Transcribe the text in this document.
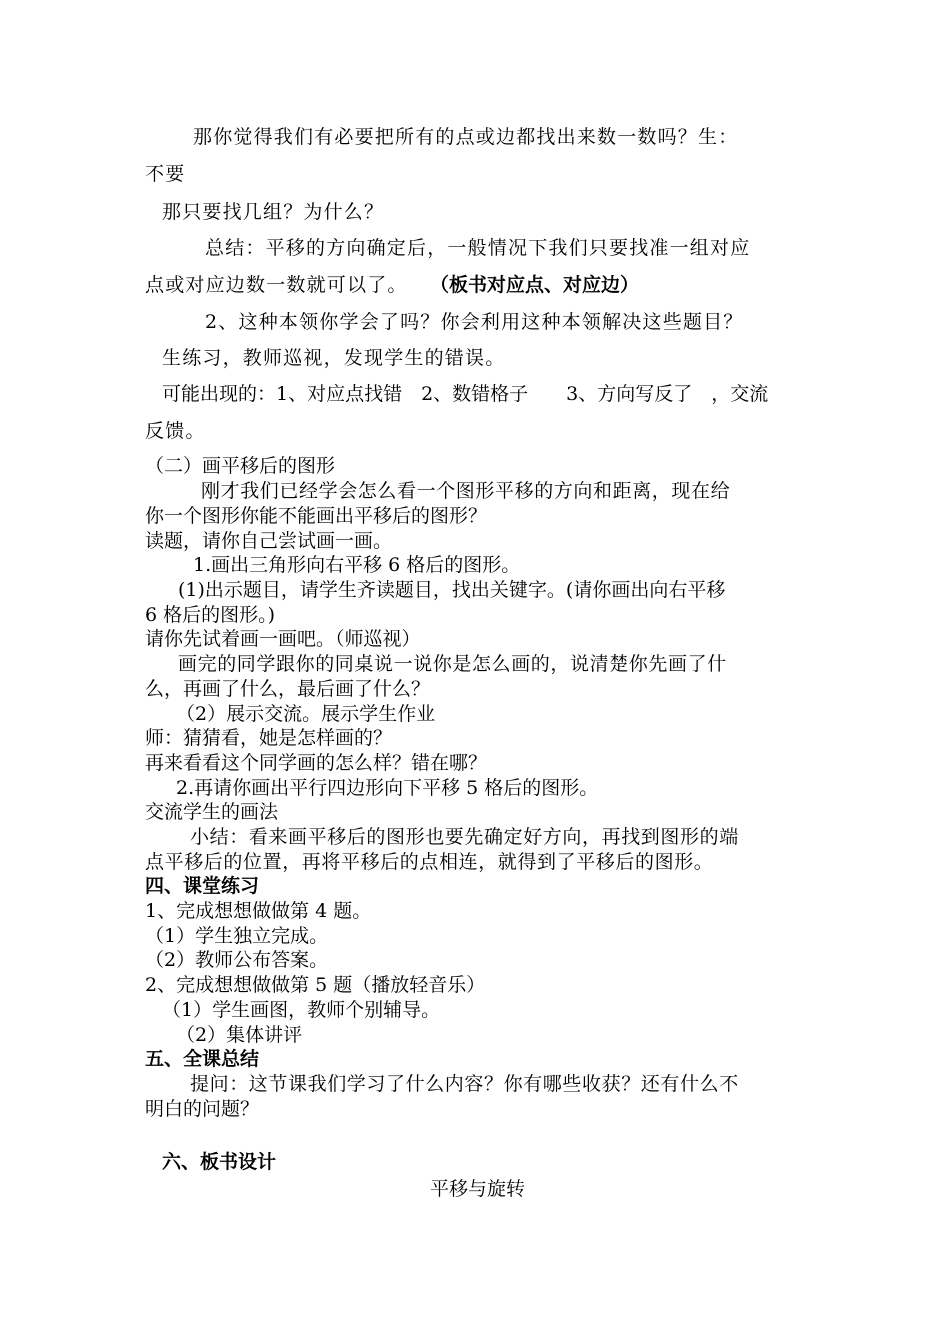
那你觉得我们有必要把所有的点或边都找出来数一数吗？生：
不要
那只要找几组？为什么？
总结：平移的方向确定后，一般情况下我们只要找准一组对应
点或对应边数一数就可以了。 （板书对应点、对应边）
2、这种本领你学会了吗？你会利用这种本领解决这些题目？
生练习，教师巡视，发现学生的错误。
可能出现的：1、对应点找错　2、数错格子　　3、方向写反了　，交流
反馈。
（二）画平移后的图形
刚才我们已经学会怎么看一个图形平移的方向和距离，现在给
你一个图形你能不能画出平移后的图形？
读题，请你自己尝试画一画。
1.画出三角形向右平移 6 格后的图形。
(1)出示题目，请学生齐读题目，找出关键字。(请你画出向右平移
6 格后的图形。)
请你先试着画一画吧。（师巡视）
画完的同学跟你的同桌说一说你是怎么画的，说清楚你先画了什
么，再画了什么，最后画了什么？
（2）展示交流。展示学生作业
师：猜猜看，她是怎样画的？
再来看看这个同学画的怎么样？错在哪？
2.再请你画出平行四边形向下平移 5 格后的图形。
交流学生的画法
小结：看来画平移后的图形也要先确定好方向，再找到图形的端
点平移后的位置，再将平移后的点相连，就得到了平移后的图形。
四、课堂练习
1、完成想想做做第 4 题。
（1）学生独立完成。
（2）教师公布答案。
2、完成想想做做第 5 题（播放轻音乐）
（1）学生画图，教师个别辅导。
（2）集体讲评
五、全课总结
提问：这节课我们学习了什么内容？你有哪些收获？还有什么不
明白的问题？
六、板书设计
平移与旋转
